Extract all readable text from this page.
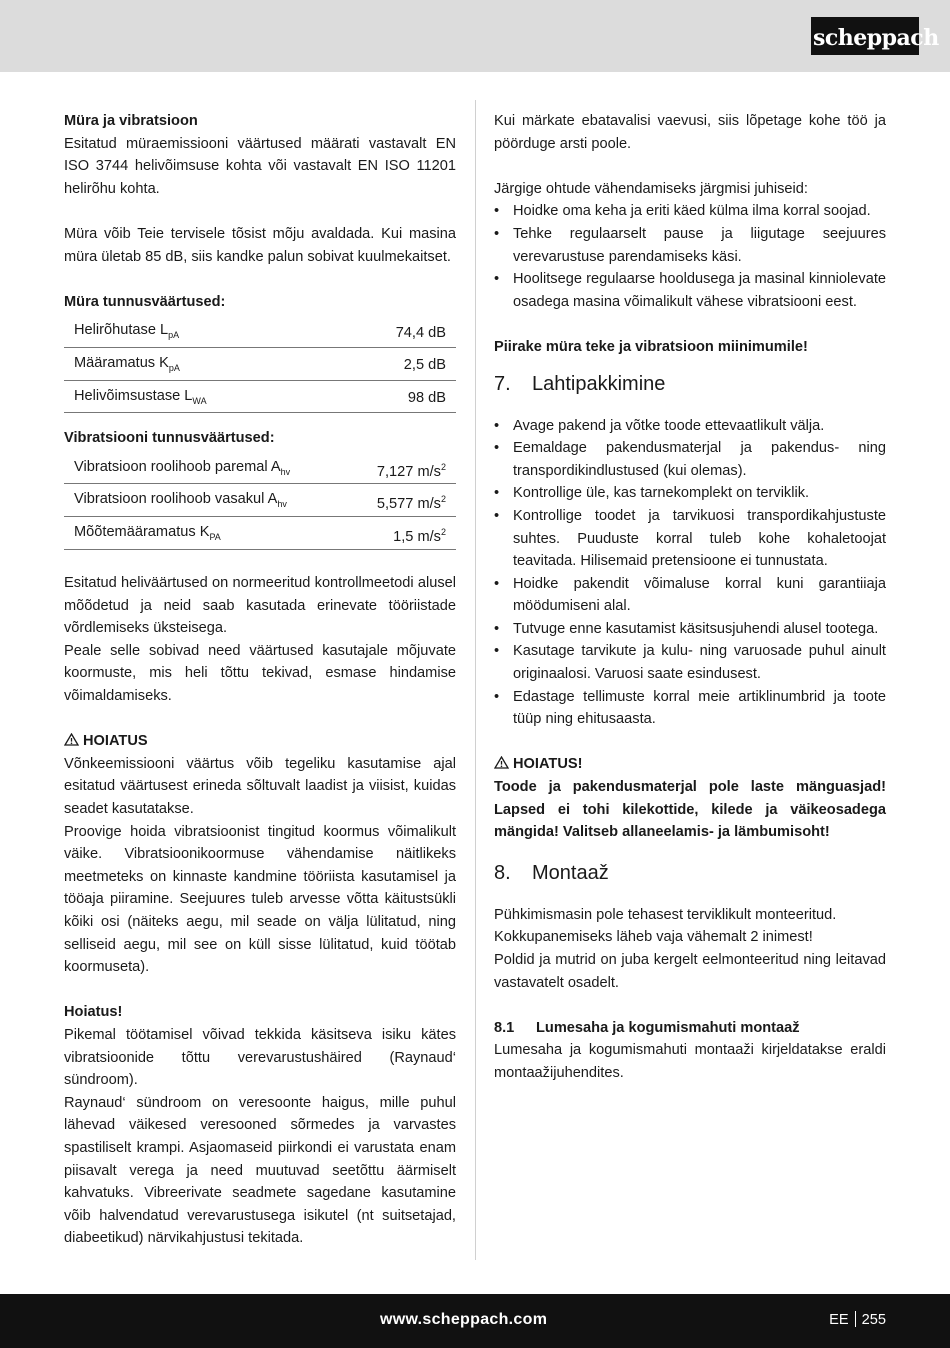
scheppach

Müra ja vibratsioon

Esitatud müraemissiooni väärtused määrati vastavalt EN ISO 3744 helivõimsuse kohta või vastavalt EN ISO 11201 helirõhu kohta.

Müra võib Teie tervisele tõsist mõju avaldada. Kui masina müra ületab 85 dB, siis kandke palun sobivat kuulmekaitset.

Müra tunnusväärtused:

Helirõhutase $L_{pA}$	74,4 dB
Määramatus $K_{pA}$	2,5 dB
Helivõimsustase $L_{WA}$	98 dB

Vibratsiooni tunnusväärtused:

Vibratsioon roolihoob paremal $A_{hv}$	7,127 $m/s^2$
Vibratsioon roolihoob vasakul $A_{hv}$	5,577 $m/s^2$
Mõõtemääramatus $K_{PA}$	1,5 $m/s^2$

Esitatud heliväärtused on normeeritud kontrollmeetodi alusel mõõdetud ja neid saab kasutada erinevate tööriistade võrdlemiseks üksteisega.

Peale selle sobivad need väärtused kasutajale mõjuvate koormuste, mis heli tõttu tekivad, esmase hindamise võimaldamiseks.

HOIATUS

Võnkeemissiooni väärtus võib tegeliku kasutamise ajal esitatud väärtusest erineda sõltuvalt laadist ja viisist, kuidas seadet kasutatakse.

Proovige hoida vibratsioonist tingitud koormus võimalikult väike. Vibratsioonikoormuse vähendamise näitlikeks meetmeteks on kinnaste kandmine tööriista kasutamisel ja tööaja piiramine. Seejuures tuleb arvesse võtta käitustsükli kõiki osi (näiteks aegu, mil seade on välja lülitatud, ning selliseid aegu, mil see on küll sisse lülitatud, kuid töötab koormuseta).

Hoiatus!

Pikemal töötamisel võivad tekkida käsitseva isiku kätes vibratsioonide tõttu verevarustushäired (Raynaud‘ sündroom).

Raynaud‘ sündroom on veresoonte haigus, mille puhul lähevad väikesed veresooned sõrmedes ja varvastes spastiliselt krampi. Asjaomaseid piirkondi ei varustata enam piisavalt verega ja need muutuvad seetõttu äärmiselt kahvatuks. Vibreerivate seadmete sagedane kasutamine võib halvendatud verevarustusega isikutel (nt suitsetajad, diabeetikud) närvikahjustusi tekitada.

Kui märkate ebatavalisi vaevusi, siis lõpetage kohe töö ja pöörduge arsti poole.

Järgige ohtude vähendamiseks järgmisi juhiseid:

• Hoidke oma keha ja eriti käed külma ilma korral soojad.
• Tehke regulaarselt pause ja liigutage seejuures verevarustuse parendamiseks käsi.
• Hoolitsege regulaarse hooldusega ja masinal kinniolevate osadega masina võimalikult vähese vibratsiooni eest.

Piirake müra teke ja vibratsioon miinimumile!

7. Lahtipakkimine
• Avage pakend ja võtke toode ettevaatlikult välja.
• Eemaldage pakendusmaterjal ja pakendus- ning transpordikindlustused (kui olemas).
• Kontrollige üle, kas tarnekomplekt on terviklik.
• Kontrollige toodet ja tarvikuosi transpordikahjustuste suhtes. Puuduste korral tuleb kohe kohaletoojat teavitada. Hilisemaid pretensioone ei tunnustata.
• Hoidke pakendit võimaluse korral kuni garantiiaja möödumiseni alal.
• Tutvuge enne kasutamist käsitsusjuhendi alusel tootega.
• Kasutage tarvikute ja kulu- ning varuosade puhul ainult originaalosi. Varuosi saate esindusest.
• Edastage tellimuste korral meie artiklinumbrid ja toote tüüp ning ehitusaasta.

HOIATUS!

Toode ja pakendusmaterjal pole laste mänguasjad! Lapsed ei tohi kilekottide, kilede ja väikeosadega mängida! Valitseb allaneelamis- ja lämbumisoht!

8. Montaaž

Pühkimismasin pole tehasest terviklikult monteeritud.

Kokkupanemiseks läheb vaja vähemalt 2 inimest!

Poldid ja mutrid on juba kergelt eelmonteeritud ning leitavad vastavatelt osadelt.

8.1 Lumesaha ja kogumismahuti montaaž

Lumesaha ja kogumismahuti montaaži kirjeldatakse eraldi montaažijuhendites.

www.scheppach.com	EE 255
